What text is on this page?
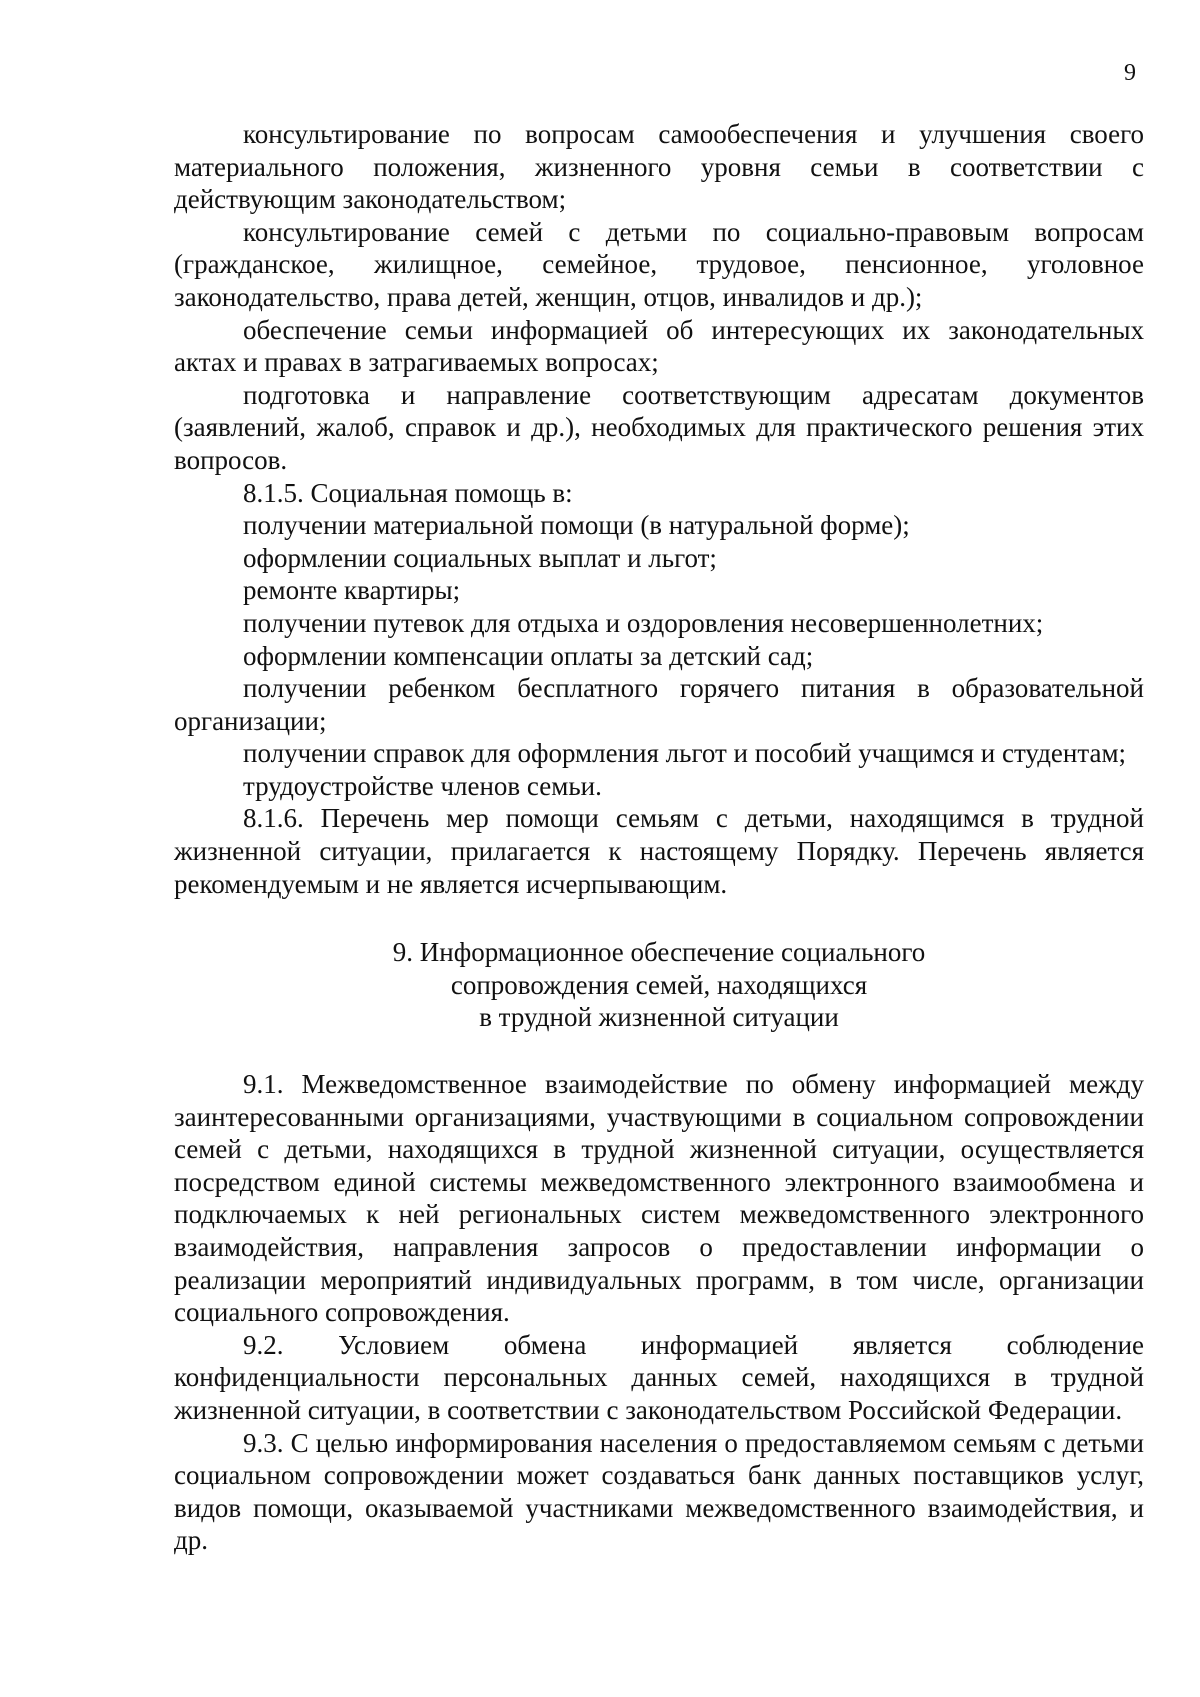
9

консультирование по вопросам самообеспечения и улучшения своего материального положения, жизненного уровня семьи в соответствии с действующим законодательством;

консультирование семей с детьми по социально-правовым вопросам (гражданское, жилищное, семейное, трудовое, пенсионное, уголовное законодательство, права детей, женщин, отцов, инвалидов и др.);

обеспечение семьи информацией об интересующих их законодательных актах и правах в затрагиваемых вопросах;

подготовка и направление соответствующим адресатам документов (заявлений, жалоб, справок и др.), необходимых для практического решения этих вопросов.

8.1.5. Социальная помощь в:

получении материальной помощи (в натуральной форме);

оформлении социальных выплат и льгот;

ремонте квартиры;

получении путевок для отдыха и оздоровления несовершеннолетних;

оформлении компенсации оплаты за детский сад;

получении ребенком бесплатного горячего питания в образовательной организации;

получении справок для оформления льгот и пособий учащимся и студентам;

трудоустройстве членов семьи.

8.1.6. Перечень мер помощи семьям с детьми, находящимся в трудной жизненной ситуации, прилагается к настоящему Порядку. Перечень является рекомендуемым и не является исчерпывающим.

9. Информационное обеспечение социального
сопровождения семей, находящихся
в трудной жизненной ситуации

9.1. Межведомственное взаимодействие по обмену информацией между заинтересованными организациями, участвующими в социальном сопровождении семей с детьми, находящихся в трудной жизненной ситуации, осуществляется посредством единой системы межведомственного электронного взаимообмена и подключаемых к ней региональных систем межведомственного электронного взаимодействия, направления запросов о предоставлении информации о реализации мероприятий индивидуальных программ, в том числе, организации социального сопровождения.

9.2. Условием обмена информацией является соблюдение конфиденциальности персональных данных семей, находящихся в трудной жизненной ситуации, в соответствии с законодательством Российской Федерации.

9.3. С целью информирования населения о предоставляемом семьям с детьми социальном сопровождении может создаваться банк данных поставщиков услуг, видов помощи, оказываемой участниками межведомственного взаимодействия, и др.
